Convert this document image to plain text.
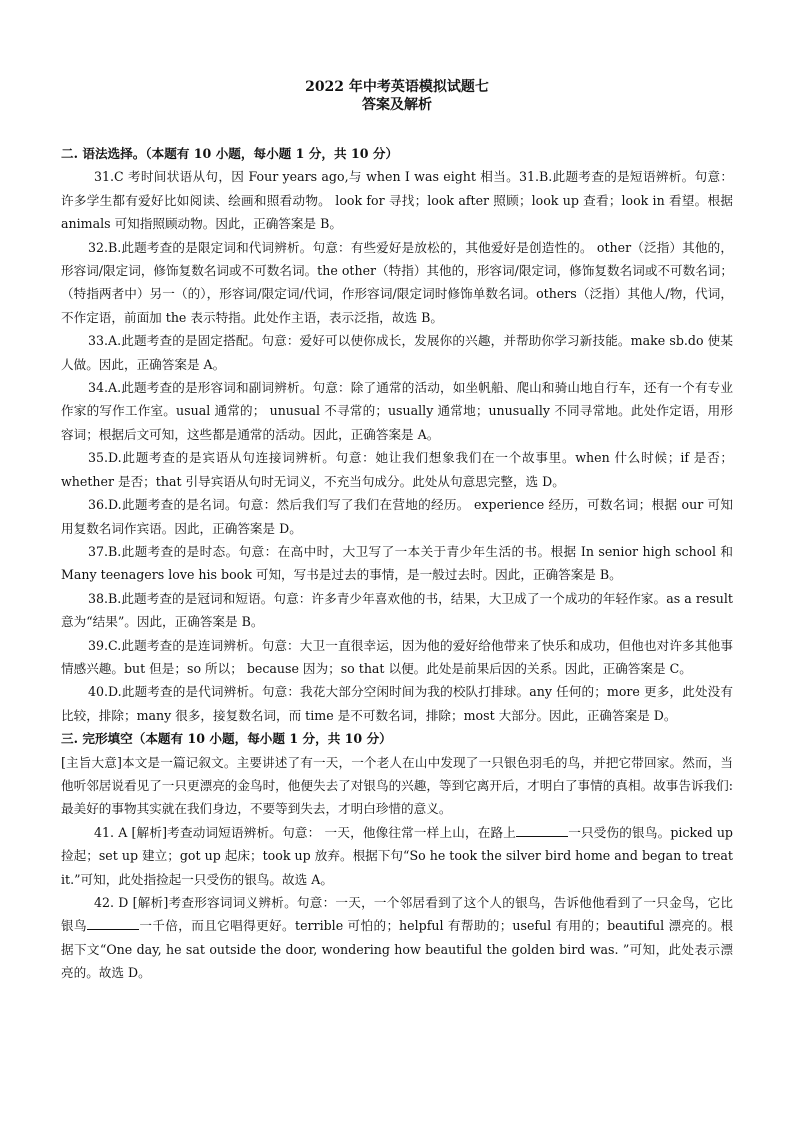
2022 年中考英语模拟试题七
答案及解析

二. 语法选择。（本题有 10 小题，每小题 1 分，共 10 分）

31.C 考时间状语从句，因 Four years ago,与 when I was eight 相当。31.B.此题考查的是短语辨析。句意：许多学生都有爱好比如阅读、绘画和照看动物。 look for 寻找；look after 照顾；look up 查看；look in 看望。根据 animals 可知指照顾动物。因此，正确答案是 B。

32.B.此题考查的是限定词和代词辨析。句意：有些爱好是放松的，其他爱好是创造性的。 other（泛指）其他的，形容词/限定词，修饰复数名词或不可数名词。the other（特指）其他的，形容词/限定词，修饰复数名词或不可数名词；（特指两者中）另一（的），形容词/限定词/代词，作形容词/限定词时修饰单数名词。others（泛指）其他人/物，代词，不作定语，前面加 the 表示特指。此处作主语，表示泛指，故选 B。

33.A.此题考查的是固定搭配。句意：爱好可以使你成长，发展你的兴趣，并帮助你学习新技能。make sb.do 使某人做。因此，正确答案是 A。

34.A.此题考查的是形容词和副词辨析。句意：除了通常的活动，如坐帆船、爬山和骑山地自行车，还有一个有专业作家的写作工作室。usual 通常的； unusual 不寻常的；usually 通常地；unusually 不同寻常地。此处作定语，用形容词；根据后文可知，这些都是通常的活动。因此，正确答案是 A。

35.D.此题考查的是宾语从句连接词辨析。句意：她让我们想象我们在一个故事里。when 什么时候；if 是否；whether 是否；that 引导宾语从句时无词义，不充当句成分。此处从句意思完整，选 D。

36.D.此题考查的是名词。句意：然后我们写了我们在营地的经历。 experience 经历，可数名词；根据 our 可知用复数名词作宾语。因此，正确答案是 D。

37.B.此题考查的是时态。句意：在高中时，大卫写了一本关于青少年生活的书。根据 In senior high school 和 Many teenagers love his book 可知，写书是过去的事情，是一般过去时。因此，正确答案是 B。

38.B.此题考查的是冠词和短语。句意：许多青少年喜欢他的书，结果，大卫成了一个成功的年轻作家。as a result 意为“结果”。因此，正确答案是 B。

39.C.此题考查的是连词辨析。句意：大卫一直很幸运，因为他的爱好给他带来了快乐和成功，但他也对许多其他事情感兴趣。but 但是；so 所以； because 因为；so that 以便。此处是前果后因的关系。因此，正确答案是 C。

40.D.此题考查的是代词辨析。句意：我花大部分空闲时间为我的校队打排球。any 任何的；more 更多，此处没有比较，排除；many 很多，接复数名词，而 time 是不可数名词，排除；most 大部分。因此，正确答案是 D。

三. 完形填空（本题有 10 小题，每小题 1 分，共 10 分）

[主旨大意]本文是一篇记叙文。主要讲述了有一天，一个老人在山中发现了一只银色羽毛的鸟，并把它带回家。然而，当他听邻居说看见了一只更漂亮的金鸟时，他便失去了对银鸟的兴趣，等到它离开后，才明白了事情的真相。故事告诉我们:最美好的事物其实就在我们身边，不要等到失去，才明白珍惜的意义。

41. A [解析]考查动词短语辨析。句意： 一天，他像往常一样上山，在路上	一只受伤的银鸟。picked up 捡起；set up 建立；got up 起床；took up 放弃。根据下句“So he took the silver bird home and began to treat it.”可知，此处指捡起一只受伤的银鸟。故选 A。

42. D [解析]考查形容词词义辨析。句意：一天，一个邻居看到了这个人的银鸟，告诉他他看到了一只金鸟，它比银鸟	一千倍，而且它唱得更好。terrible 可怕的；helpful 有帮助的；useful 有用的；beautiful 漂亮的。根据下文“One day, he sat outside the door, wondering how beautiful the golden bird was. ”可知，此处表示漂亮的。故选 D。
